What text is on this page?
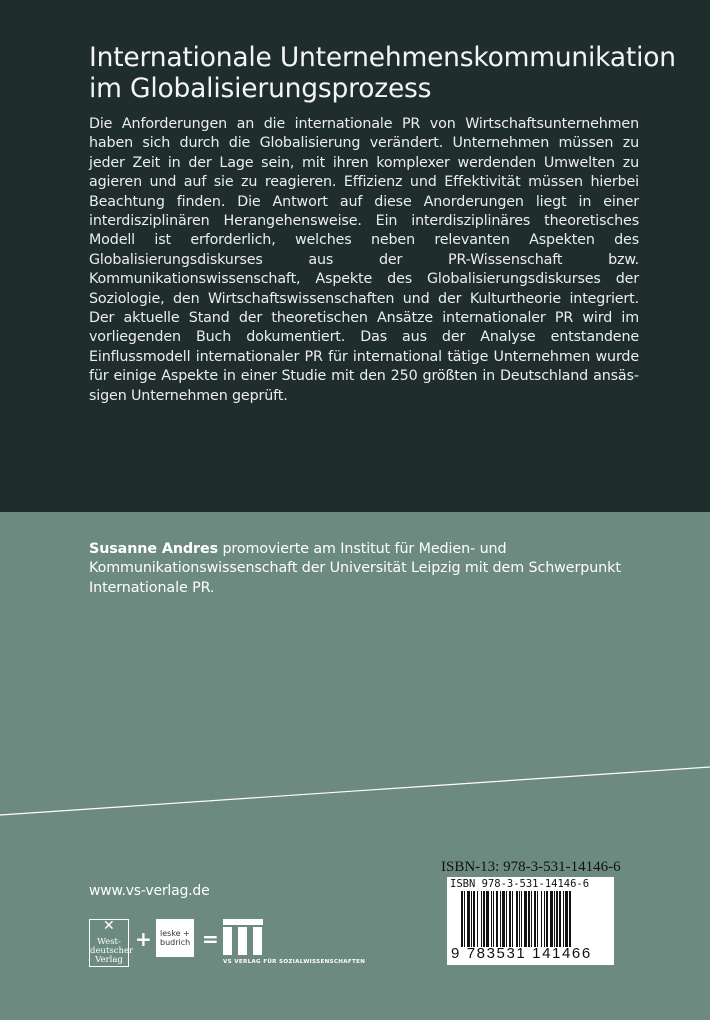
Internationale Unternehmenskommunikation
im Globalisierungsprozess

Die Anforderungen an die internationale PR von Wirtschaftsunternehmen haben sich durch die Globalisierung verändert. Unternehmen müssen zu jeder Zeit in der Lage sein, mit ihren komplexer werdenden Umwelten zu agieren und auf sie zu reagieren. Effizienz und Effektivität müssen hierbei Beachtung finden. Die Antwort auf diese Anorderungen liegt in einer interdisziplinären Herangehensweise. Ein interdisziplinäres theoretisches Modell ist erforderlich, welches neben relevanten Aspekten des Globalisierungsdiskurses aus der PR-Wissenschaft bzw. Kommunikationswissenschaft, Aspekte des Globalisierungsdiskurses der Soziologie, den Wirtschaftswissenschaften und der Kulturtheorie integriert. Der aktuelle Stand der theoretischen Ansätze internationaler PR wird im vorliegenden Buch dokumentiert. Das aus der Analyse entstandene Einflussmodell internationaler PR für international tätige Unternehmen wurde für einige Aspekte in einer Studie mit den 250 größten in Deutschland ansässigen Unternehmen geprüft.

Susanne Andres promovierte am Institut für Medien- und Kommunikationswissenschaft der Universität Leipzig mit dem Schwerpunkt Internationale PR.

www.vs-verlag.de
✕
West-
deutscher
Verlag
+	leske +
budrich =
VS VERLAG FÜR SOZIALWISSENSCHAFTEN
ISBN-13: 978-3-531-14146-6
ISBN 978-3-531-14146-6
9 783531 141466
